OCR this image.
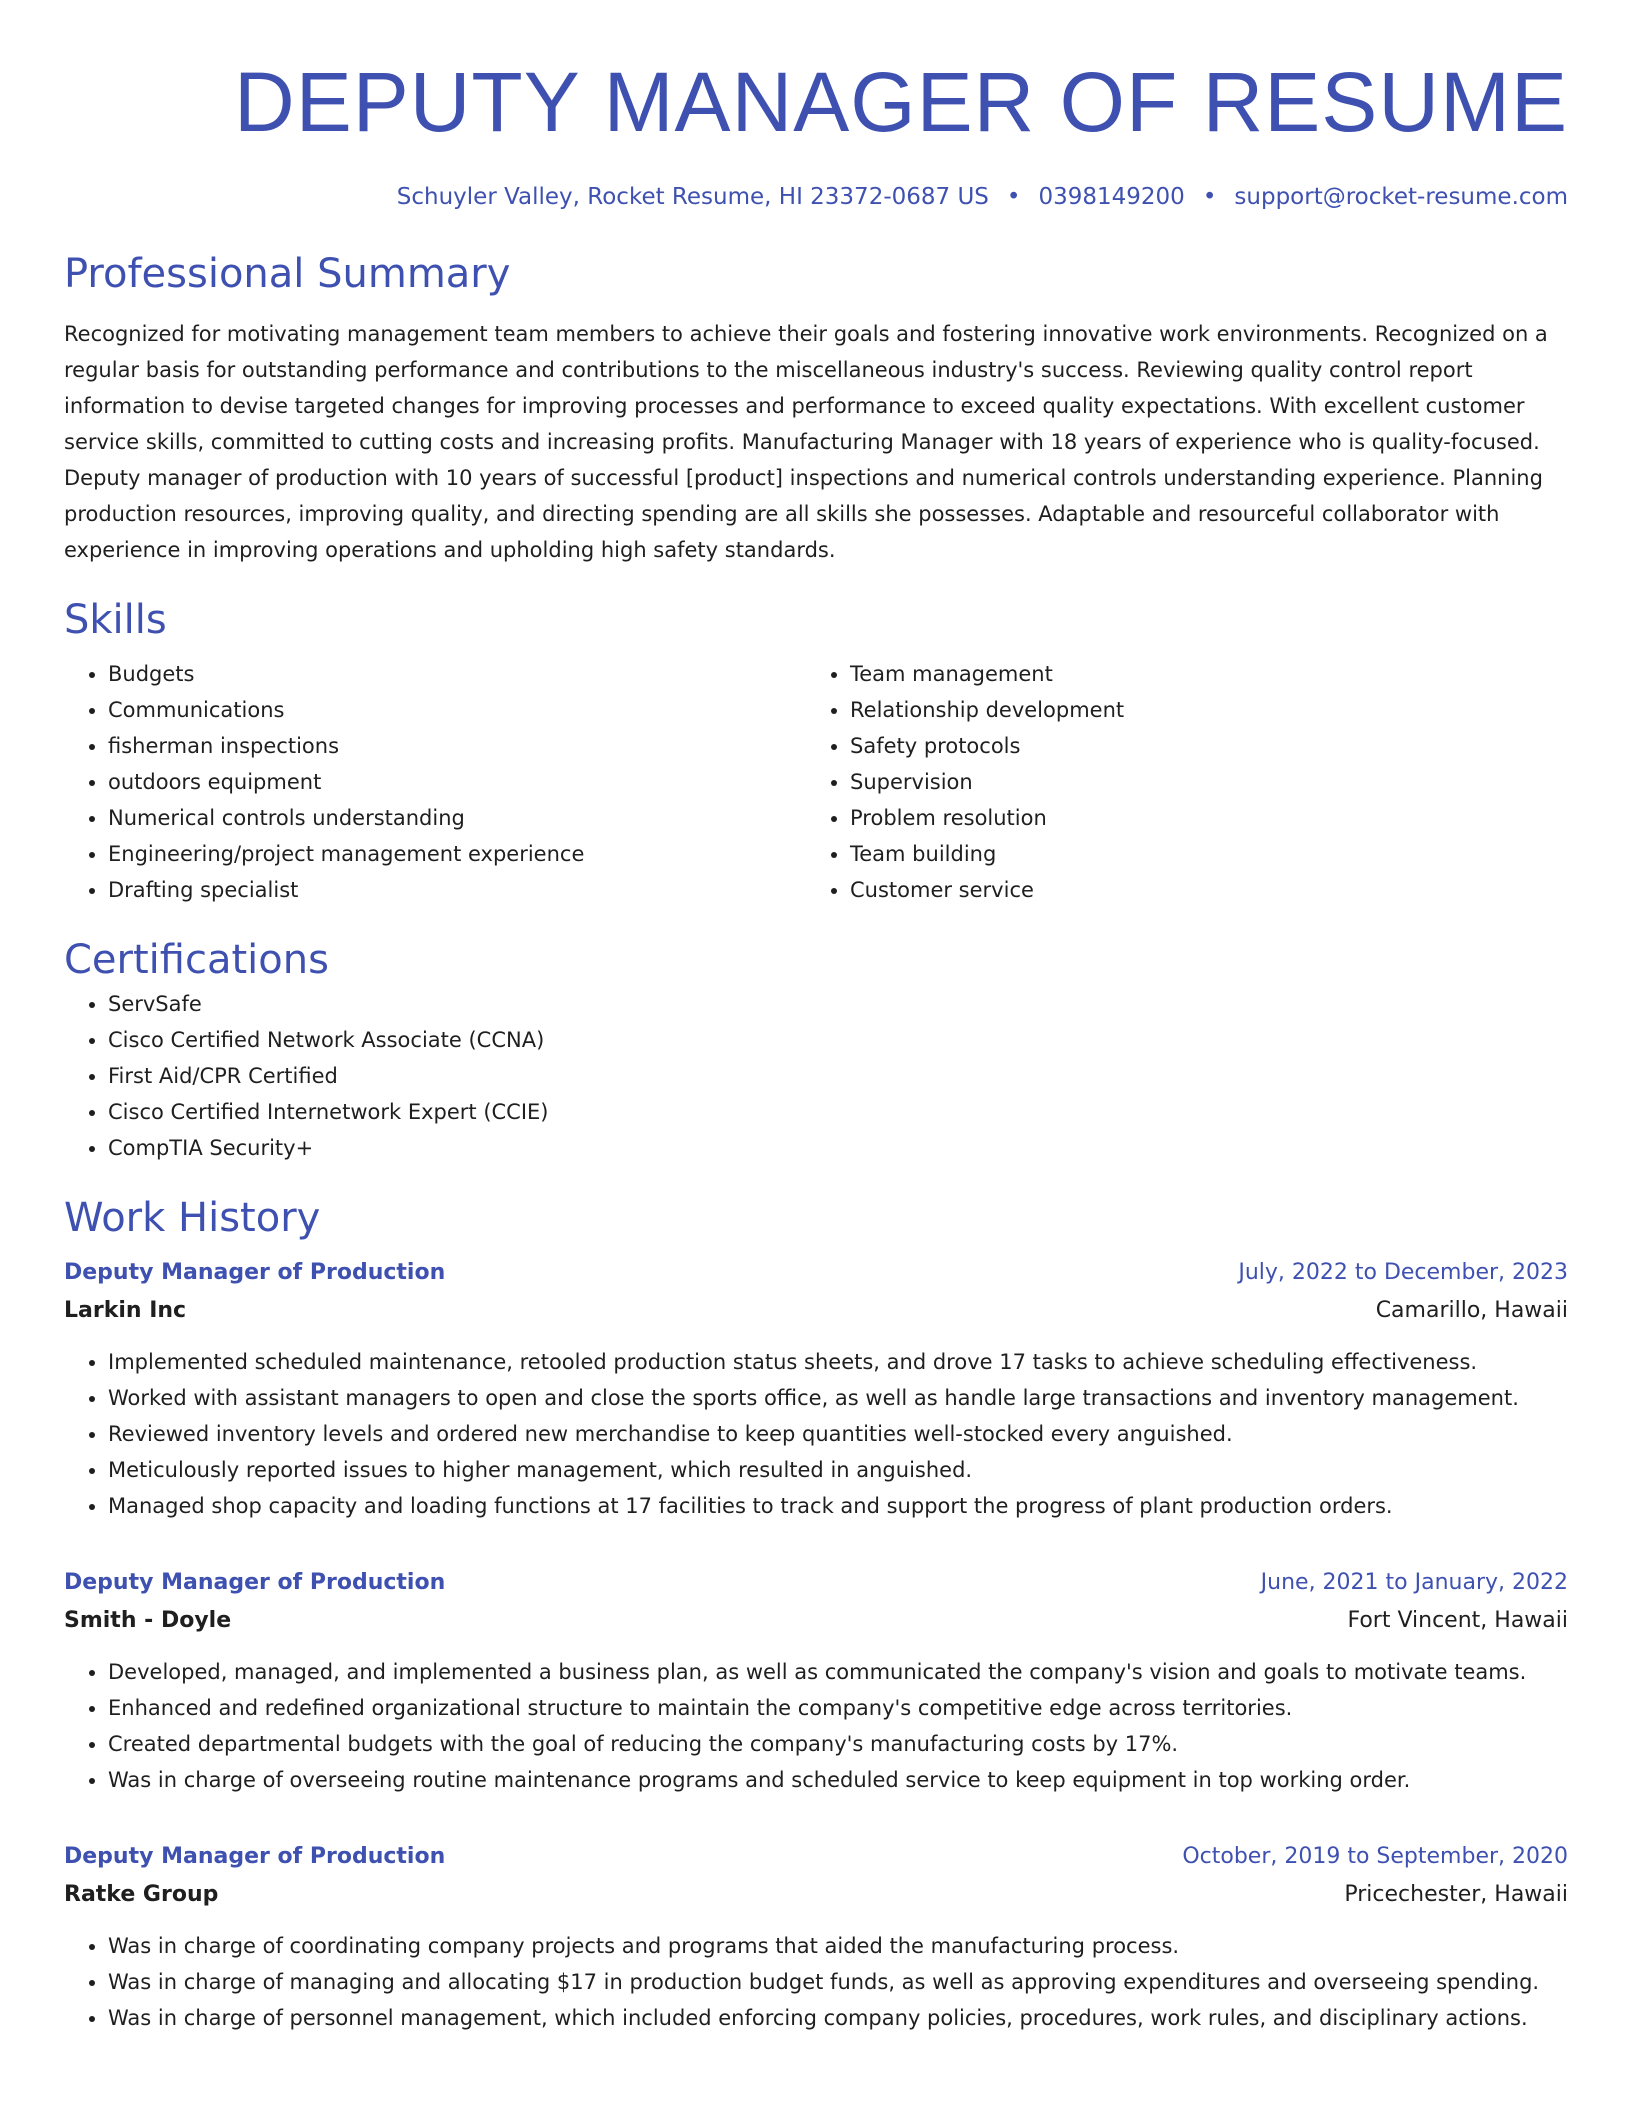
DEPUTY MANAGER OF RESUME
Schuyler Valley, Rocket Resume, HI 23372-0687 US • 0398149200 • support@rocket-resume.com
Professional Summary

Recognized for motivating management team members to achieve their goals and fostering innovative work environments. Recognized on a regular basis for outstanding performance and contributions to the miscellaneous industry's success. Reviewing quality control report information to devise targeted changes for improving processes and performance to exceed quality expectations. With excellent customer service skills, committed to cutting costs and increasing profits. Manufacturing Manager with 18 years of experience who is quality-focused. Deputy manager of production with 10 years of successful [product] inspections and numerical controls understanding experience. Planning production resources, improving quality, and directing spending are all skills she possesses. Adaptable and resourceful collaborator with experience in improving operations and upholding high safety standards.

Skills
• Budgets
• Communications
• fisherman inspections
• outdoors equipment
• Numerical controls understanding
• Engineering/project management experience
• Drafting specialist
• Team management
• Relationship development
• Safety protocols
• Supervision
• Problem resolution
• Team building
• Customer service
Certifications
• ServSafe
• Cisco Certified Network Associate (CCNA)
• First Aid/CPR Certified
• Cisco Certified Internetwork Expert (CCIE)
• CompTIA Security+
Work History
Deputy Manager of Production	July, 2022 to December, 2023
Larkin Inc	Camarillo, Hawaii
• Implemented scheduled maintenance, retooled production status sheets, and drove 17 tasks to achieve scheduling effectiveness.
• Worked with assistant managers to open and close the sports office, as well as handle large transactions and inventory management.
• Reviewed inventory levels and ordered new merchandise to keep quantities well-stocked every anguished.
• Meticulously reported issues to higher management, which resulted in anguished.
• Managed shop capacity and loading functions at 17 facilities to track and support the progress of plant production orders.
Deputy Manager of Production	June, 2021 to January, 2022
Smith - Doyle	Fort Vincent, Hawaii
• Developed, managed, and implemented a business plan, as well as communicated the company's vision and goals to motivate teams.
• Enhanced and redefined organizational structure to maintain the company's competitive edge across territories.
• Created departmental budgets with the goal of reducing the company's manufacturing costs by 17%.
• Was in charge of overseeing routine maintenance programs and scheduled service to keep equipment in top working order.
Deputy Manager of Production	October, 2019 to September, 2020
Ratke Group	Pricechester, Hawaii
• Was in charge of coordinating company projects and programs that aided the manufacturing process.
• Was in charge of managing and allocating $17 in production budget funds, as well as approving expenditures and overseeing spending.
• Was in charge of personnel management, which included enforcing company policies, procedures, work rules, and disciplinary actions.
